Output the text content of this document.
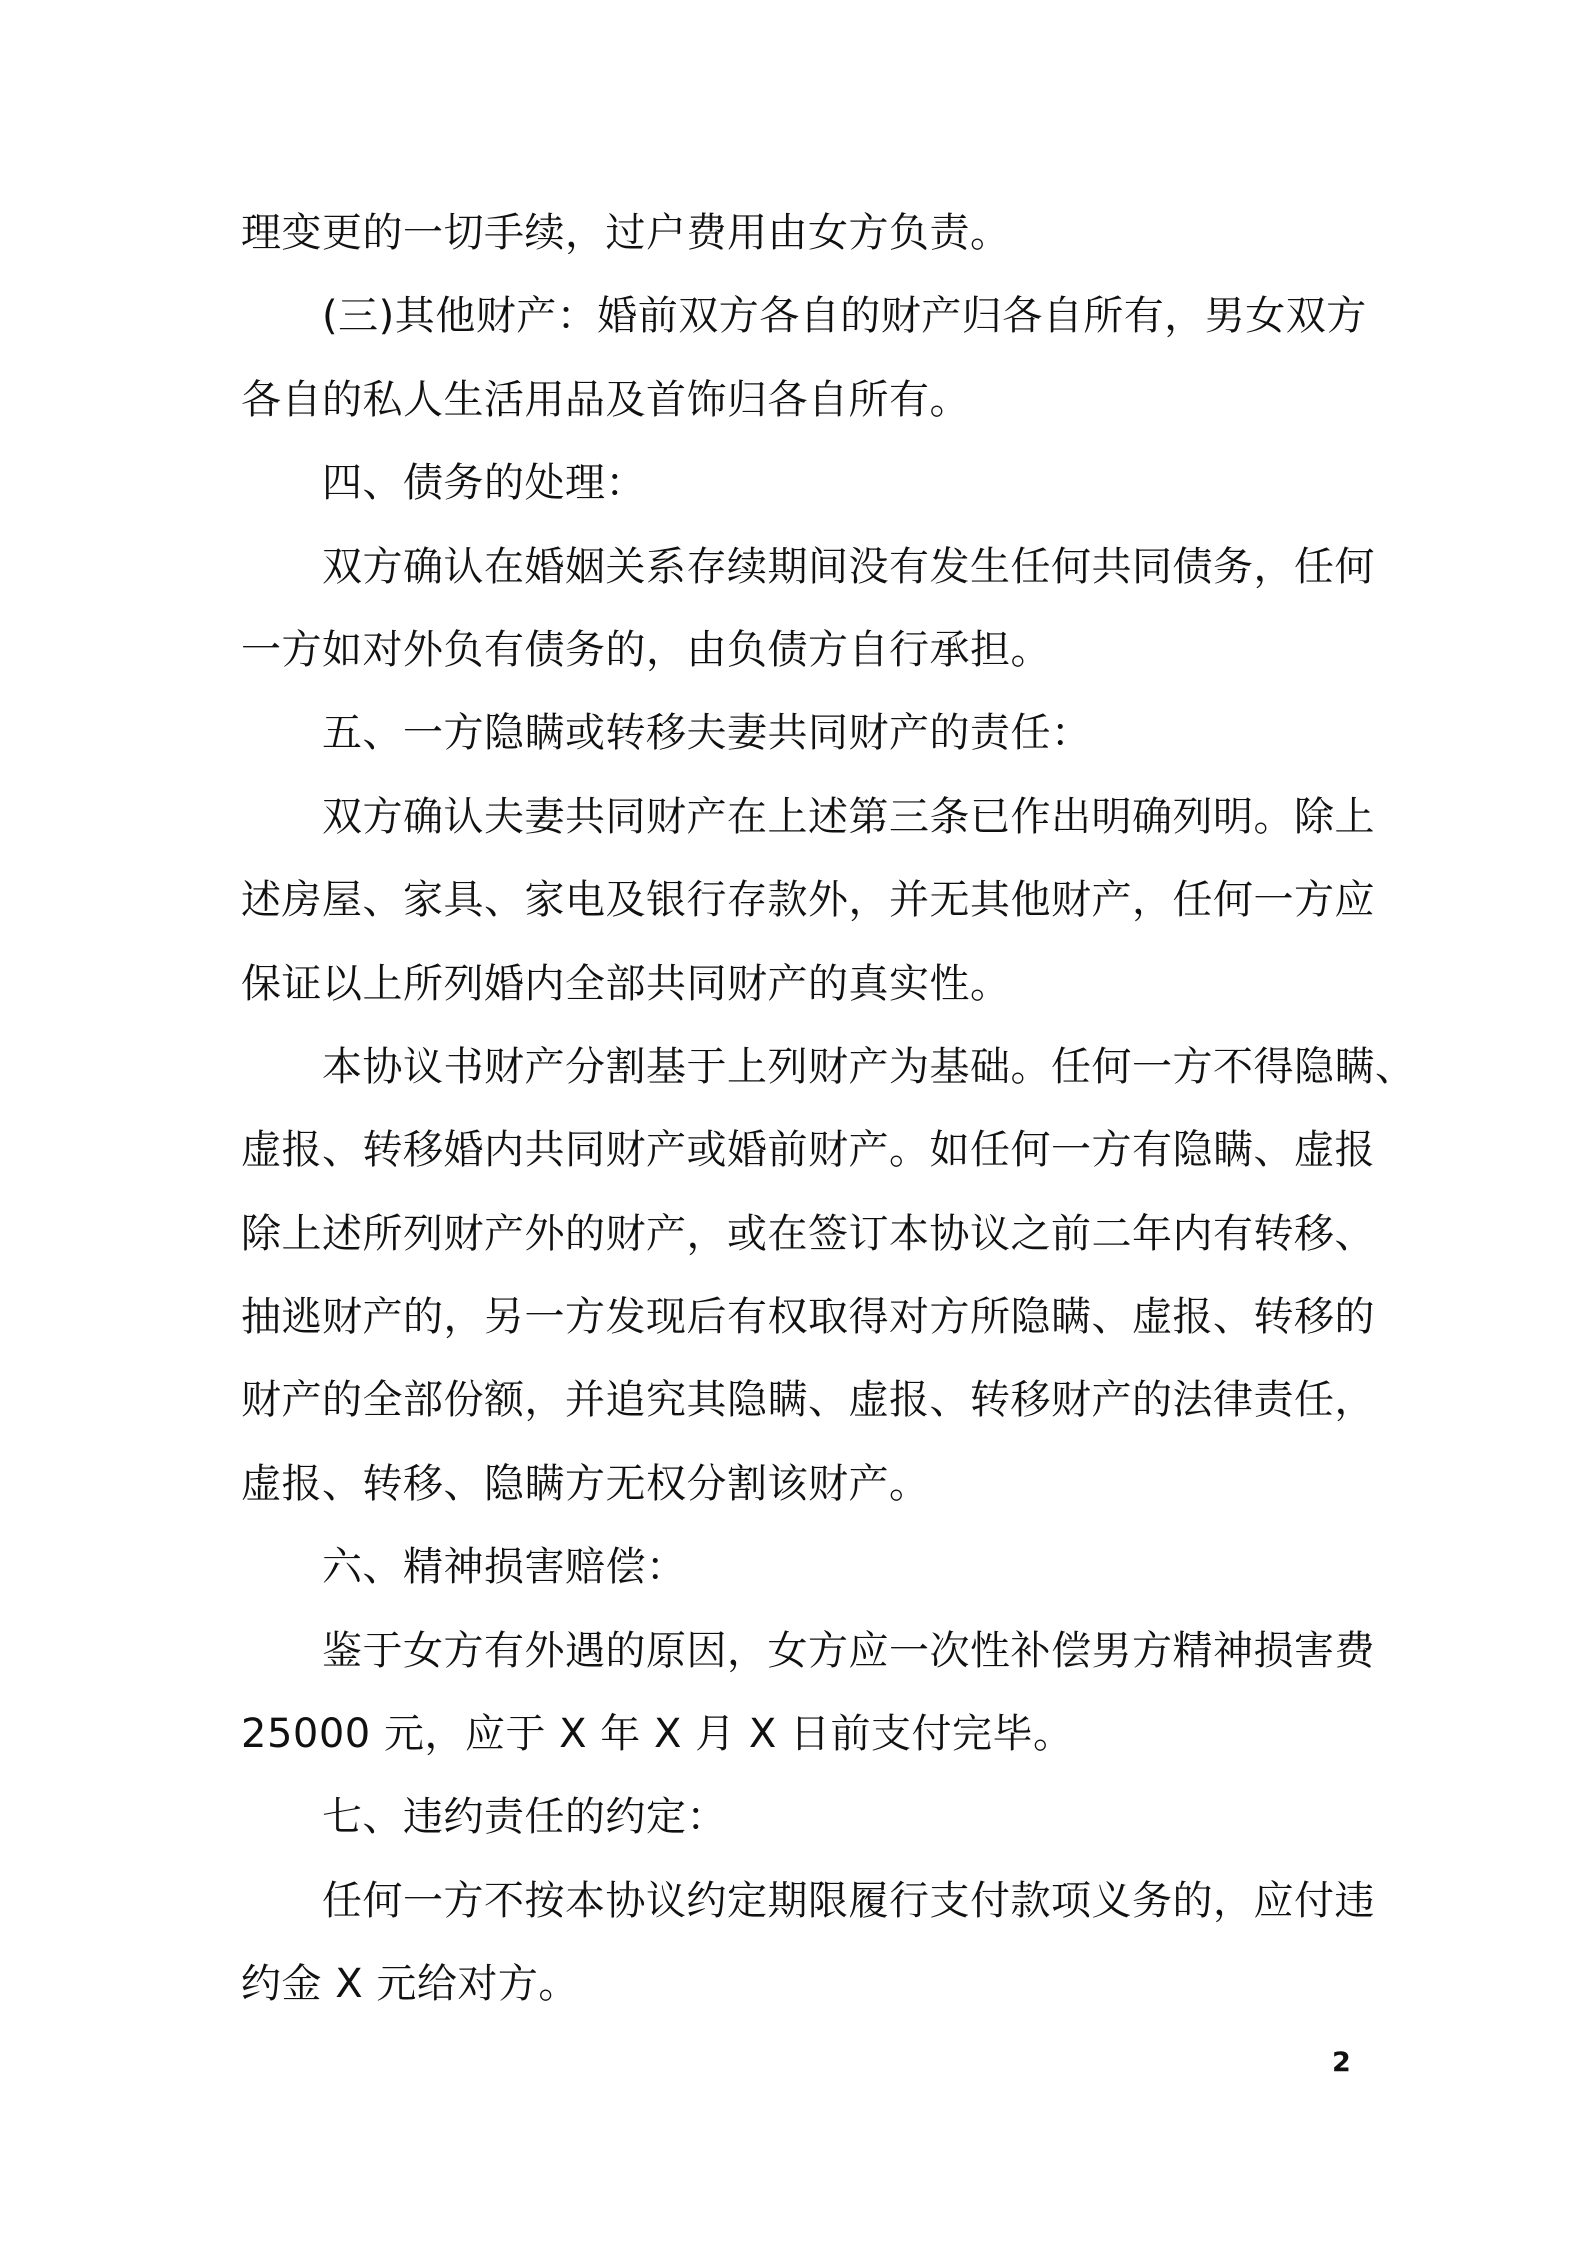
理变更的一切手续，过户费用由女方负责。
(三)其他财产：婚前双方各自的财产归各自所有，男女双方
各自的私人生活用品及首饰归各自所有。
四、债务的处理：
双方确认在婚姻关系存续期间没有发生任何共同债务，任何
一方如对外负有债务的，由负债方自行承担。
五、一方隐瞒或转移夫妻共同财产的责任：
双方确认夫妻共同财产在上述第三条已作出明确列明。除上
述房屋、家具、家电及银行存款外，并无其他财产，任何一方应
保证以上所列婚内全部共同财产的真实性。
本协议书财产分割基于上列财产为基础。任何一方不得隐瞒、
虚报、转移婚内共同财产或婚前财产。如任何一方有隐瞒、虚报
除上述所列财产外的财产，或在签订本协议之前二年内有转移、
抽逃财产的，另一方发现后有权取得对方所隐瞒、虚报、转移的
财产的全部份额，并追究其隐瞒、虚报、转移财产的法律责任，
虚报、转移、隐瞒方无权分割该财产。
六、精神损害赔偿：
鉴于女方有外遇的原因，女方应一次性补偿男方精神损害费
25000 元，应于 X 年 X 月 X 日前支付完毕。
七、违约责任的约定：
任何一方不按本协议约定期限履行支付款项义务的，应付违
约金 X 元给对方。
2
